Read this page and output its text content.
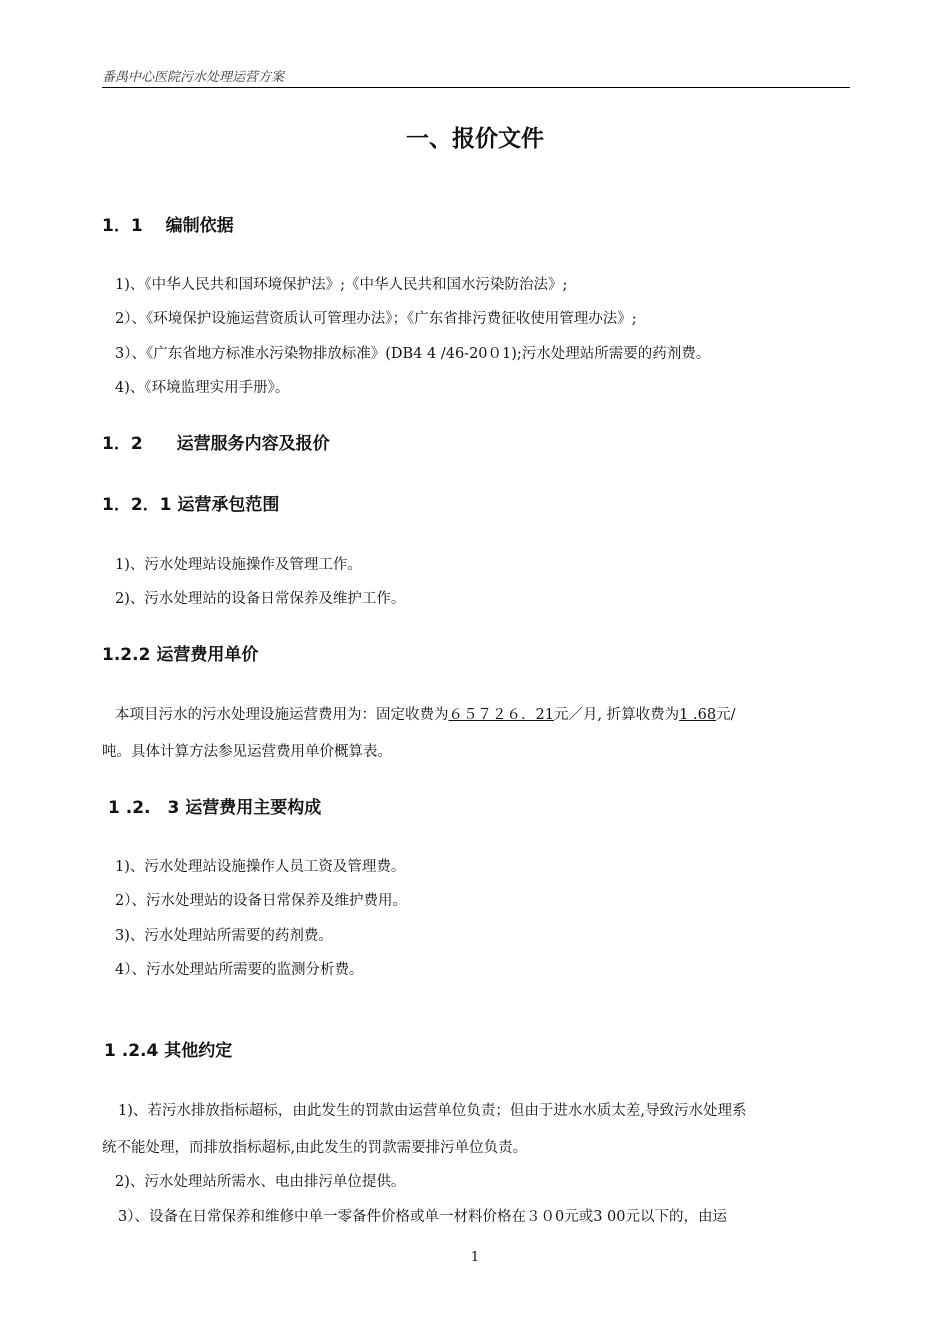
番禺中心医院污水处理运营方案
一、报价文件
1．1　 编制依据
1)、《中华人民共和国环境保护法》;《中华人民共和国水污染防治法》;
2）、《环境保护设施运营资质认可管理办法》；《广东省排污费征收使用管理办法》;
3）、《广东省地方标准水污染物排放标准》(DB4 4 /46-20０1);污水处理站所需要的药剂费。
4)、《环境监理实用手册》。
1．2　　运营服务内容及报价
1．2．1 运营承包范围
1)、污水处理站设施操作及管理工作。
2)、污水处理站的设备日常保养及维护工作。
1.2.2 运营费用单价
本项目污水的污水处理设施运营费用为：固定收费为６５７２６．21元／月, 折算收费为1 .68元/
吨。具体计算方法参见运营费用单价概算表。
1 .2.　3 运营费用主要构成
1)、污水处理站设施操作人员工资及管理费。
2）、污水处理站的设备日常保养及维护费用。
3)、污水处理站所需要的药剂费。
4）、污水处理站所需要的监测分析费。
1 .2.4 其他约定
1)、若污水排放指标超标，由此发生的罚款由运营单位负责；但由于进水水质太差,导致污水处理系
统不能处理，而排放指标超标,由此发生的罚款需要排污单位负责。
2)、污水处理站所需水、电由排污单位提供。
3）、设备在日常保养和维修中单一零备件价格或单一材料价格在３０0元或3 00元以下的，由运
1
